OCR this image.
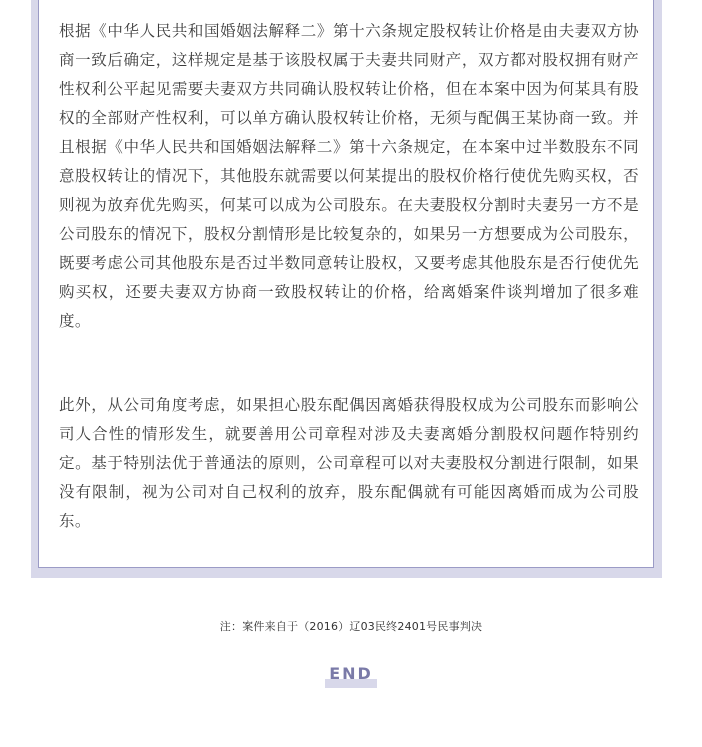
根据《中华人民共和国婚姻法解释二》第十六条规定股权转让价格是由夫妻双方协商一致后确定，这样规定是基于该股权属于夫妻共同财产，双方都对股权拥有财产性权利公平起见需要夫妻双方共同确认股权转让价格，但在本案中因为何某具有股权的全部财产性权利，可以单方确认股权转让价格，无须与配偶王某协商一致。并且根据《中华人民共和国婚姻法解释二》第十六条规定，在本案中过半数股东不同意股权转让的情况下，其他股东就需要以何某提出的股权价格行使优先购买权，否则视为放弃优先购买，何某可以成为公司股东。在夫妻股权分割时夫妻另一方不是公司股东的情况下，股权分割情形是比较复杂的，如果另一方想要成为公司股东，既要考虑公司其他股东是否过半数同意转让股权，又要考虑其他股东是否行使优先购买权，还要夫妻双方协商一致股权转让的价格，给离婚案件谈判增加了很多难度。

此外，从公司角度考虑，如果担心股东配偶因离婚获得股权成为公司股东而影响公司人合性的情形发生，就要善用公司章程对涉及夫妻离婚分割股权问题作特别约定。基于特别法优于普通法的原则，公司章程可以对夫妻股权分割进行限制，如果没有限制，视为公司对自己权利的放弃，股东配偶就有可能因离婚而成为公司股东。

注：案件来自于（2016）辽03民终2401号民事判决
END
